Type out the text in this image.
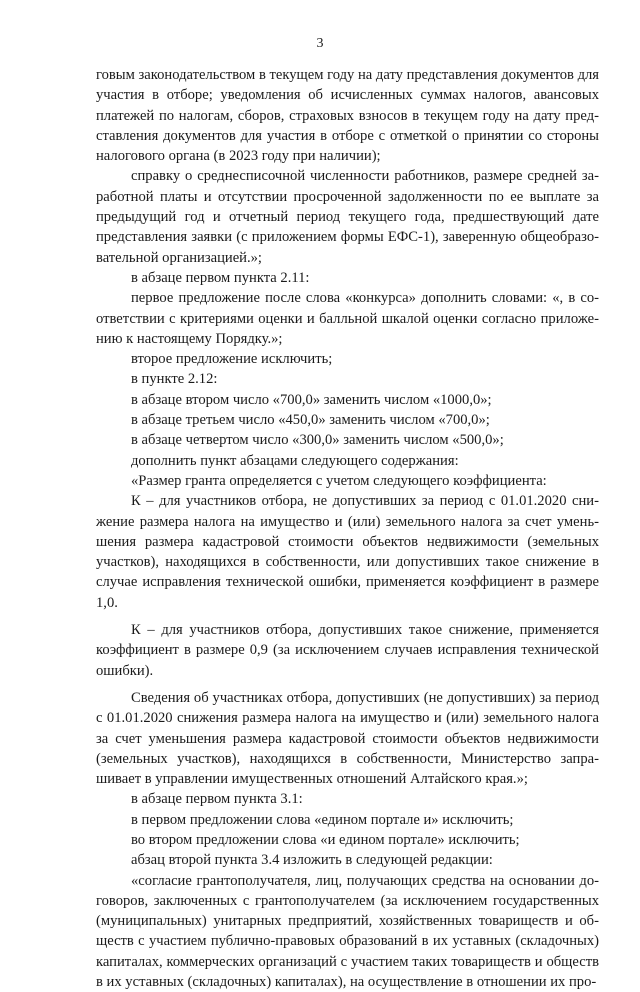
3

говым законодательством в текущем году на дату представления документов для участия в отборе; уведомления об исчисленных суммах налогов, авансовых платежей по налогам, сборов, страховых взносов в текущем году на дату представления документов для участия в отборе с отметкой о принятии со стороны налогового органа (в 2023 году при наличии);

справку о среднесписочной численности работников, размере средней заработной платы и отсутствии просроченной задолженности по ее выплате за предыдущий год и отчетный период текущего года, предшествующий дате представления заявки (с приложением формы ЕФС-1), заверенную общеобразовательной организацией.»;

в абзаце первом пункта 2.11:

первое предложение после слова «конкурса» дополнить словами: «, в соответствии с критериями оценки и балльной шкалой оценки согласно приложению к настоящему Порядку.»;

второе предложение исключить;

в пункте 2.12:

в абзаце втором число «700,0» заменить числом «1000,0»;

в абзаце третьем число «450,0» заменить числом «700,0»;

в абзаце четвертом число «300,0» заменить числом «500,0»;

дополнить пункт абзацами следующего содержания:

«Размер гранта определяется с учетом следующего коэффициента:

К – для участников отбора, не допустивших за период с 01.01.2020 снижение размера налога на имущество и (или) земельного налога за счет уменьшения размера кадастровой стоимости объектов недвижимости (земельных участков), находящихся в собственности, или допустивших такое снижение в случае исправления технической ошибки, применяется коэффициент в размере 1,0.

К – для участников отбора, допустивших такое снижение, применяется коэффициент в размере 0,9 (за исключением случаев исправления технической ошибки).

Сведения об участниках отбора, допустивших (не допустивших) за период с 01.01.2020 снижения размера налога на имущество и (или) земельного налога за счет уменьшения размера кадастровой стоимости объектов недвижимости (земельных участков), находящихся в собственности, Министерство запрашивает в управлении имущественных отношений Алтайского края.»;

в абзаце первом пункта 3.1:

в первом предложении слова «едином портале и» исключить;

во втором предложении слова «и едином портале» исключить;

абзац второй пункта 3.4 изложить в следующей редакции:

«согласие грантополучателя, лиц, получающих средства на основании договоров, заключенных с грантополучателем (за исключением государственных (муниципальных) унитарных предприятий, хозяйственных товариществ и обществ с участием публично-правовых образований в их уставных (складочных) капиталах, коммерческих организаций с участием таких товариществ и обществ в их уставных (складочных) капиталах), на осуществление в отношении их про-
